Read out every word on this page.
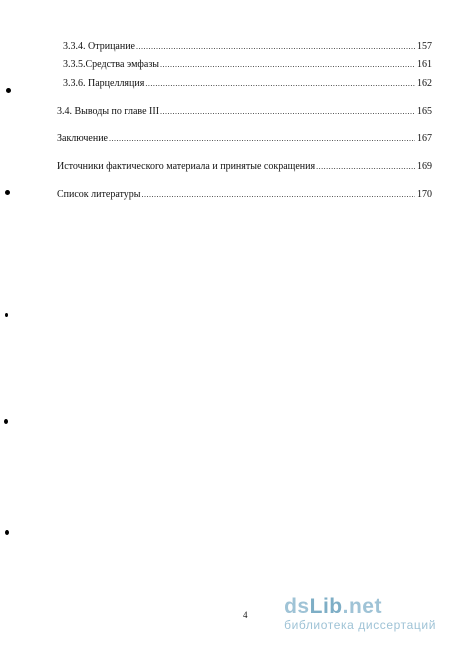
3.3.4. Отрицание .....	157
3.3.5.Средства эмфазы .....	161
3.3.6. Парцелляция .....	162
3.4. Выводы по главе III .....	165
Заключение .....	167
Источники фактического материала и принятые сокращения .....	169
Список литературы .....	170
4 dsLib.net
библиотека диссертаций
